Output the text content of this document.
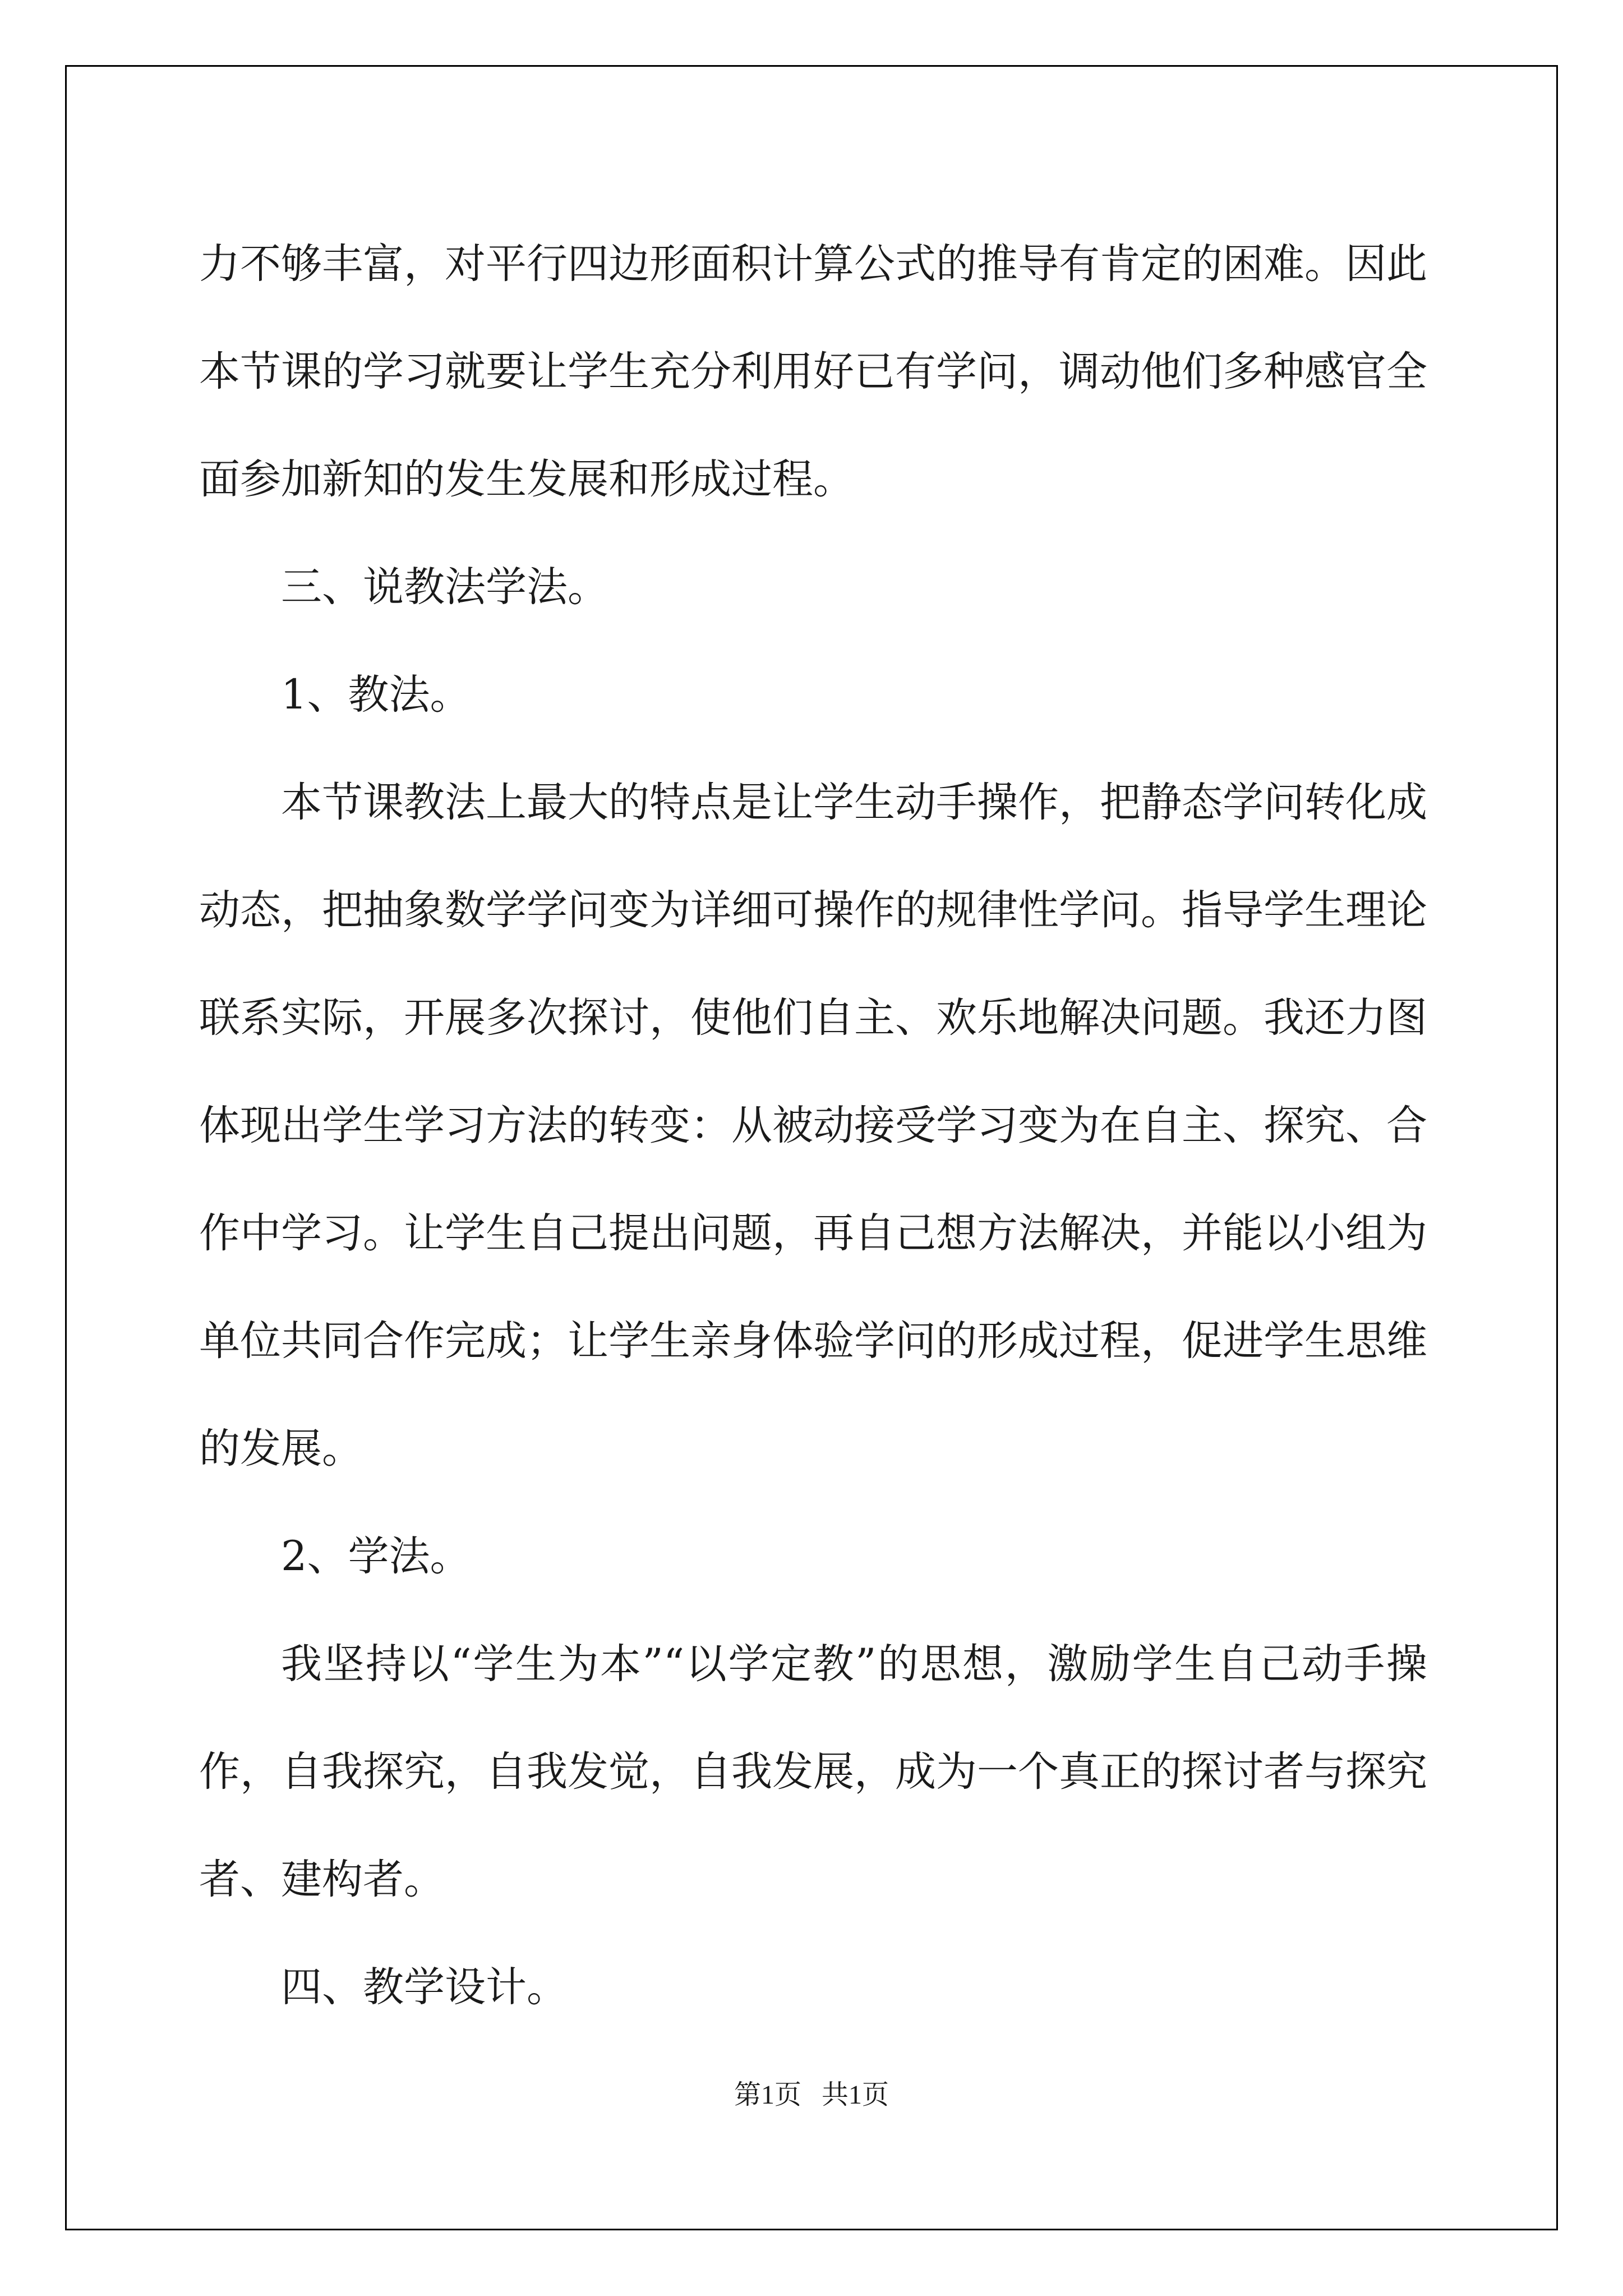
力不够丰富，对平行四边形面积计算公式的推导有肯定的困难。因此本节课的学习就要让学生充分利用好已有学问，调动他们多种感官全面参加新知的发生发展和形成过程。

三、说教法学法。

1、教法。

本节课教法上最大的特点是让学生动手操作，把静态学问转化成动态，把抽象数学学问变为详细可操作的规律性学问。指导学生理论联系实际，开展多次探讨，使他们自主、欢乐地解决问题。我还力图体现出学生学习方法的转变：从被动接受学习变为在自主、探究、合作中学习。让学生自己提出问题，再自己想方法解决，并能以小组为单位共同合作完成；让学生亲身体验学问的形成过程，促进学生思维的发展。

2、学法。

我坚持以“学生为本”“以学定教”的思想，激励学生自己动手操作，自我探究，自我发觉，自我发展，成为一个真正的探讨者与探究者、建构者。

四、教学设计。

第1页   共1页
